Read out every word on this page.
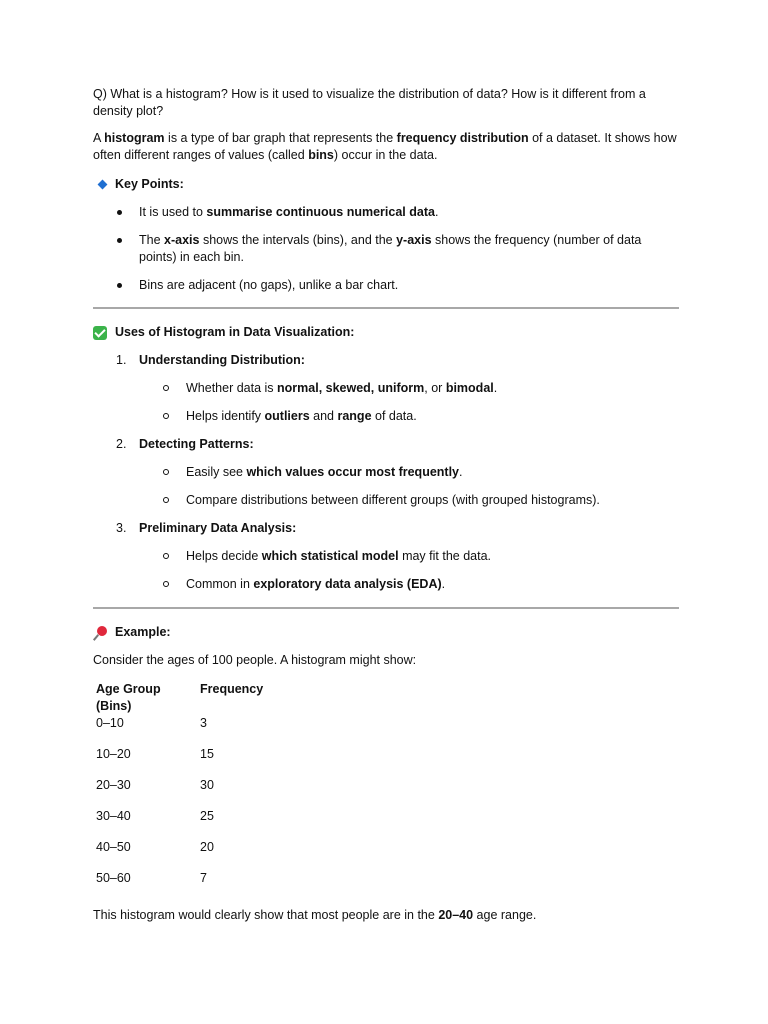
Q) What is a histogram? How is it used to visualize the distribution of data? How is it different from a density plot?

A histogram is a type of bar graph that represents the frequency distribution of a dataset. It shows how often different ranges of values (called bins) occur in the data.

Key Points:
It is used to summarise continuous numerical data.
The x-axis shows the intervals (bins), and the y-axis shows the frequency (number of data points) in each bin.
Bins are adjacent (no gaps), unlike a bar chart.
Uses of Histogram in Data Visualization:
1. Understanding Distribution:
Whether data is normal, skewed, uniform, or bimodal.
Helps identify outliers and range of data.
2. Detecting Patterns:
Easily see which values occur most frequently.
Compare distributions between different groups (with grouped histograms).
3. Preliminary Data Analysis:
Helps decide which statistical model may fit the data.
Common in exploratory data analysis (EDA).
Example:

Consider the ages of 100 people. A histogram might show:

Age Group (Bins)	Frequency
0–10	3
10–20	15
20–30	30
30–40	25
40–50	20
50–60	7

This histogram would clearly show that most people are in the 20–40 age range.
